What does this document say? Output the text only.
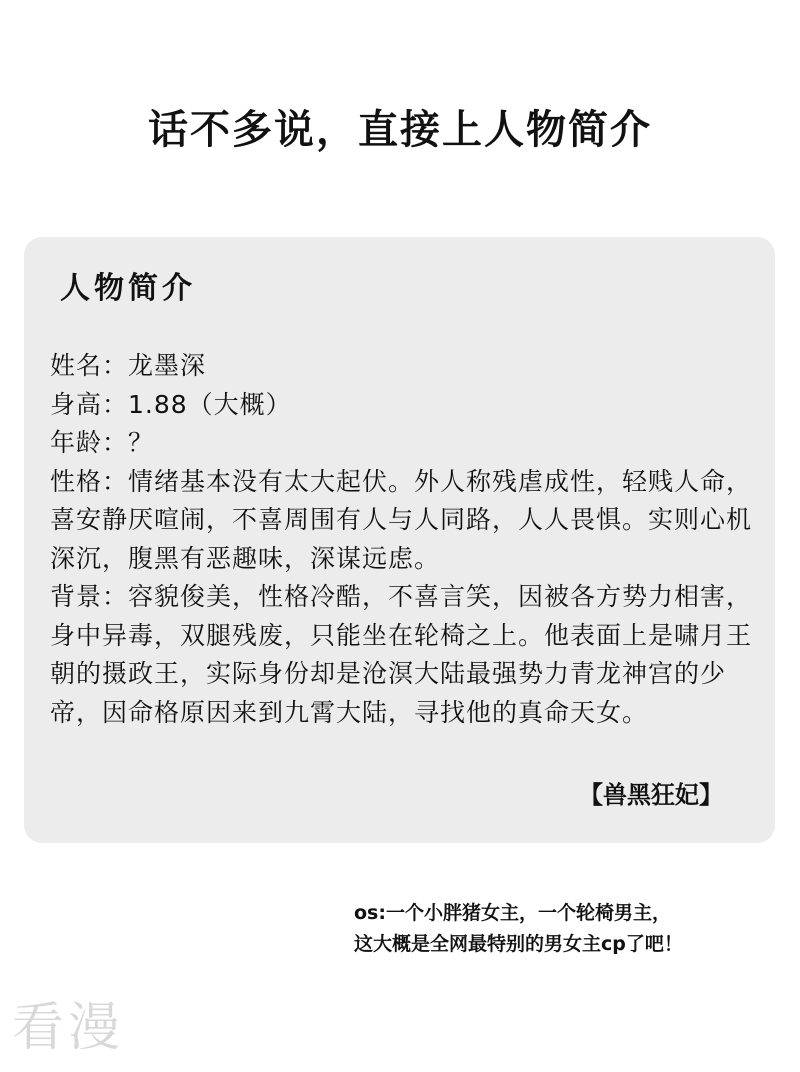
话不多说，直接上人物简介
人物简介

姓名：龙墨深

身高：1.88（大概）

年龄：？

性格：情绪基本没有太大起伏。外人称残虐成性，轻贱人命，喜安静厌喧闹，不喜周围有人与人同路，人人畏惧。实则心机深沉，腹黑有恶趣味，深谋远虑。

背景：容貌俊美，性格冷酷，不喜言笑，因被各方势力相害，身中异毒，双腿残废，只能坐在轮椅之上。他表面上是啸月王朝的摄政王，实际身份却是沧溟大陆最强势力青龙神宫的少帝，因命格原因来到九霄大陆，寻找他的真命天女。

【兽黑狂妃】
os:一个小胖猪女主，一个轮椅男主，
这大概是全网最特别的男女主cp了吧！
看漫
